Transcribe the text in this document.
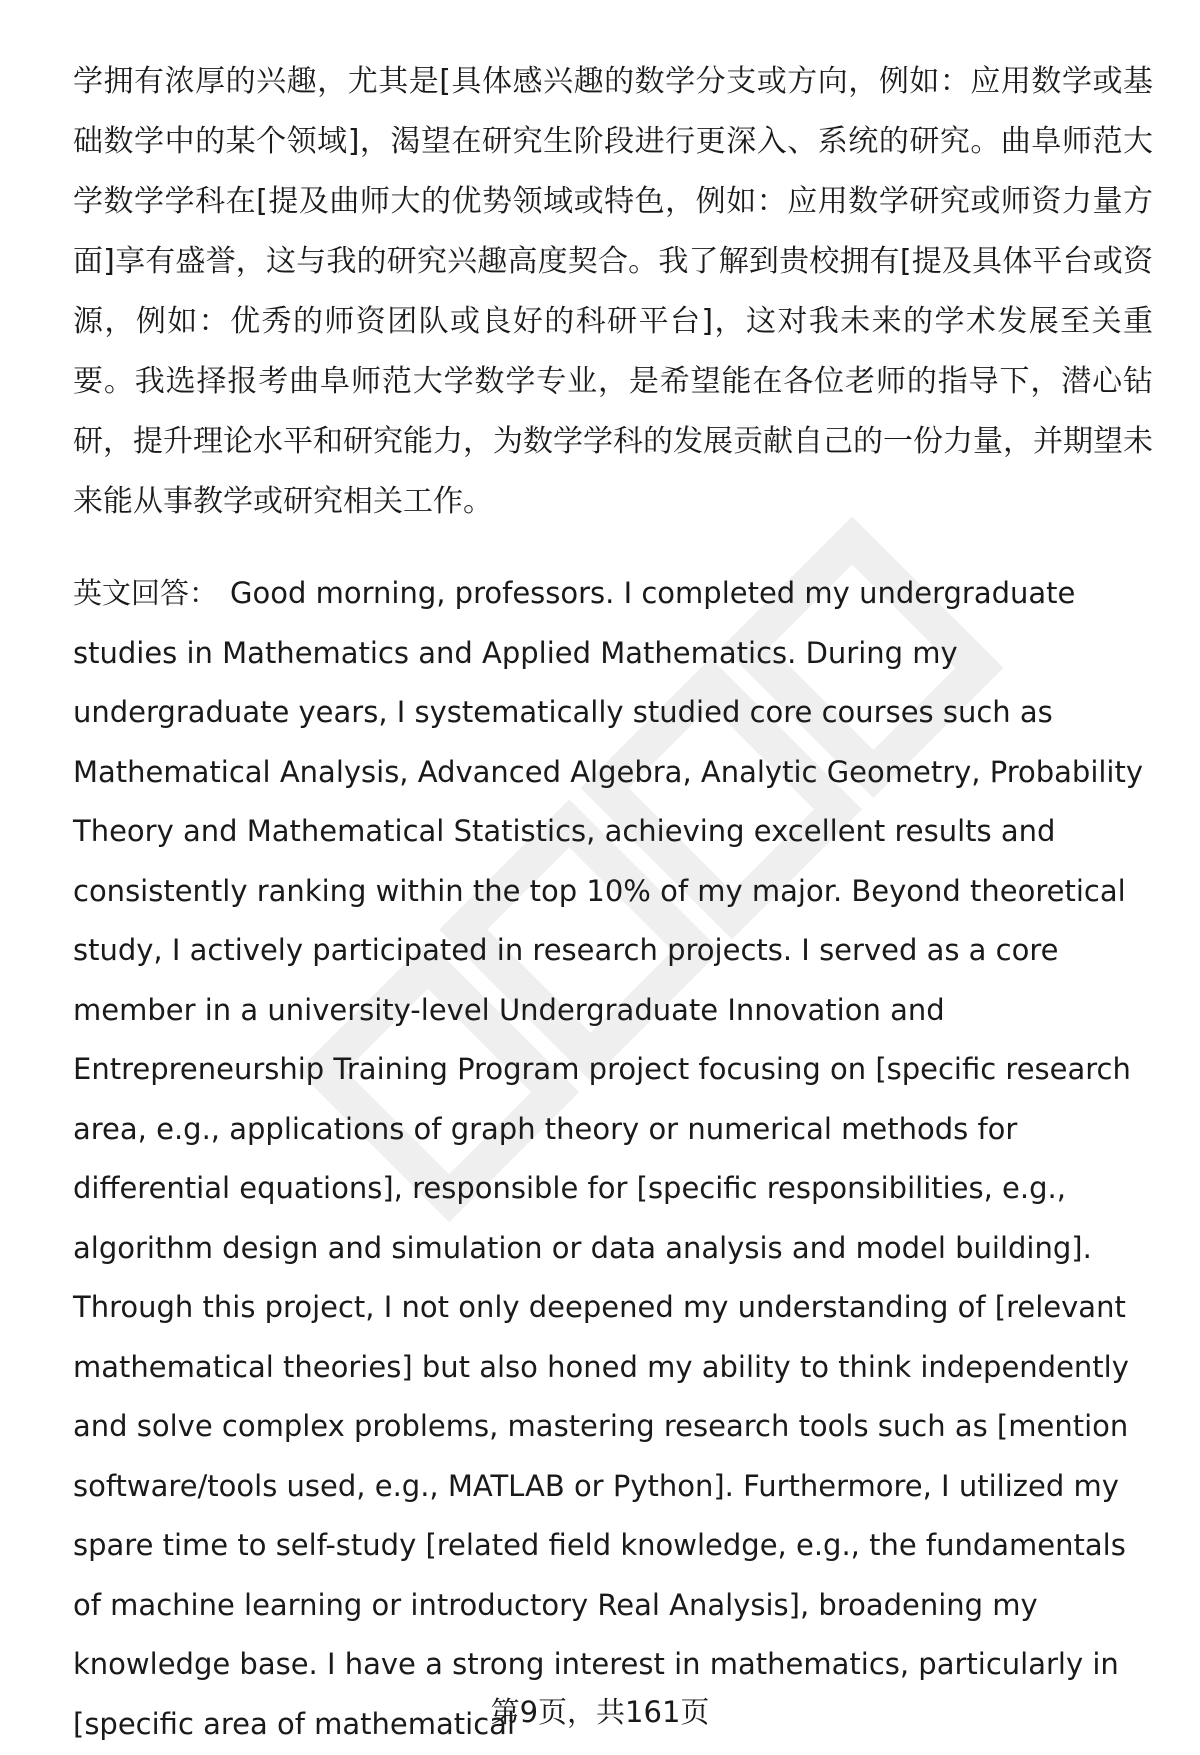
学拥有浓厚的兴趣，尤其是[具体感兴趣的数学分支或方向，例如：应用数学或基础数学中的某个领域]，渴望在研究生阶段进行更深入、系统的研究。曲阜师范大学数学学科在[提及曲师大的优势领域或特色，例如：应用数学研究或师资力量方面]享有盛誉，这与我的研究兴趣高度契合。我了解到贵校拥有[提及具体平台或资源，例如：优秀的师资团队或良好的科研平台]，这对我未来的学术发展至关重要。我选择报考曲阜师范大学数学专业，是希望能在各位老师的指导下，潜心钻研，提升理论水平和研究能力，为数学学科的发展贡献自己的一份力量，并期望未来能从事教学或研究相关工作。

英文回答： Good morning, professors. I completed my undergraduate studies in Mathematics and Applied Mathematics. During my undergraduate years, I systematically studied core courses such as Mathematical Analysis, Advanced Algebra, Analytic Geometry, Probability Theory and Mathematical Statistics, achieving excellent results and consistently ranking within the top 10% of my major. Beyond theoretical study, I actively participated in research projects. I served as a core member in a university-level Undergraduate Innovation and Entrepreneurship Training Program project focusing on [specific research area, e.g., applications of graph theory or numerical methods for differential equations], responsible for [specific responsibilities, e.g., algorithm design and simulation or data analysis and model building]. Through this project, I not only deepened my understanding of [relevant mathematical theories] but also honed my ability to think independently and solve complex problems, mastering research tools such as [mention software/tools used, e.g., MATLAB or Python]. Furthermore, I utilized my spare time to self-study [related field knowledge, e.g., the fundamentals of machine learning or introductory Real Analysis], broadening my knowledge base. I have a strong interest in mathematics, particularly in [specific area of mathematical

第9页，共161页
